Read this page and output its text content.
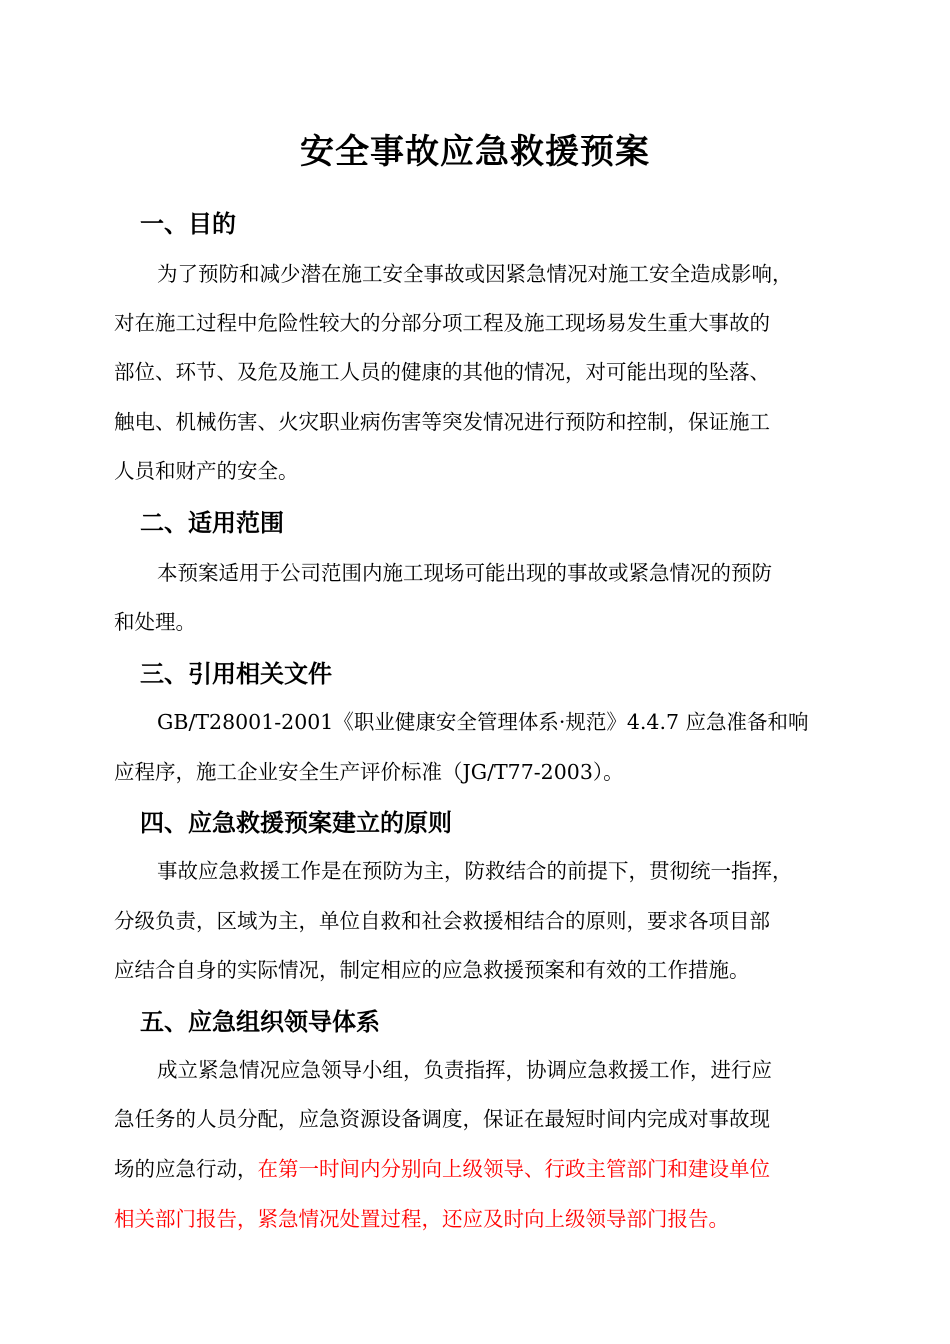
安全事故应急救援预案
一、目的
为了预防和减少潜在施工安全事故或因紧急情况对施工安全造成影响，
对在施工过程中危险性较大的分部分项工程及施工现场易发生重大事故的
部位、环节、及危及施工人员的健康的其他的情况，对可能出现的坠落、
触电、机械伤害、火灾职业病伤害等突发情况进行预防和控制，保证施工
人员和财产的安全。
二、适用范围
本预案适用于公司范围内施工现场可能出现的事故或紧急情况的预防
和处理。
三、引用相关文件
GB/T28001-2001《职业健康安全管理体系·规范》4.4.7 应急准备和响
应程序，施工企业安全生产评价标准（JG/T77-2003）。
四、应急救援预案建立的原则
事故应急救援工作是在预防为主，防救结合的前提下，贯彻统一指挥，
分级负责，区域为主，单位自救和社会救援相结合的原则，要求各项目部
应结合自身的实际情况，制定相应的应急救援预案和有效的工作措施。
五、应急组织领导体系
成立紧急情况应急领导小组，负责指挥，协调应急救援工作，进行应
急任务的人员分配，应急资源设备调度，保证在最短时间内完成对事故现
场的应急行动，在第一时间内分别向上级领导、行政主管部门和建设单位
相关部门报告，紧急情况处置过程，还应及时向上级领导部门报告。
